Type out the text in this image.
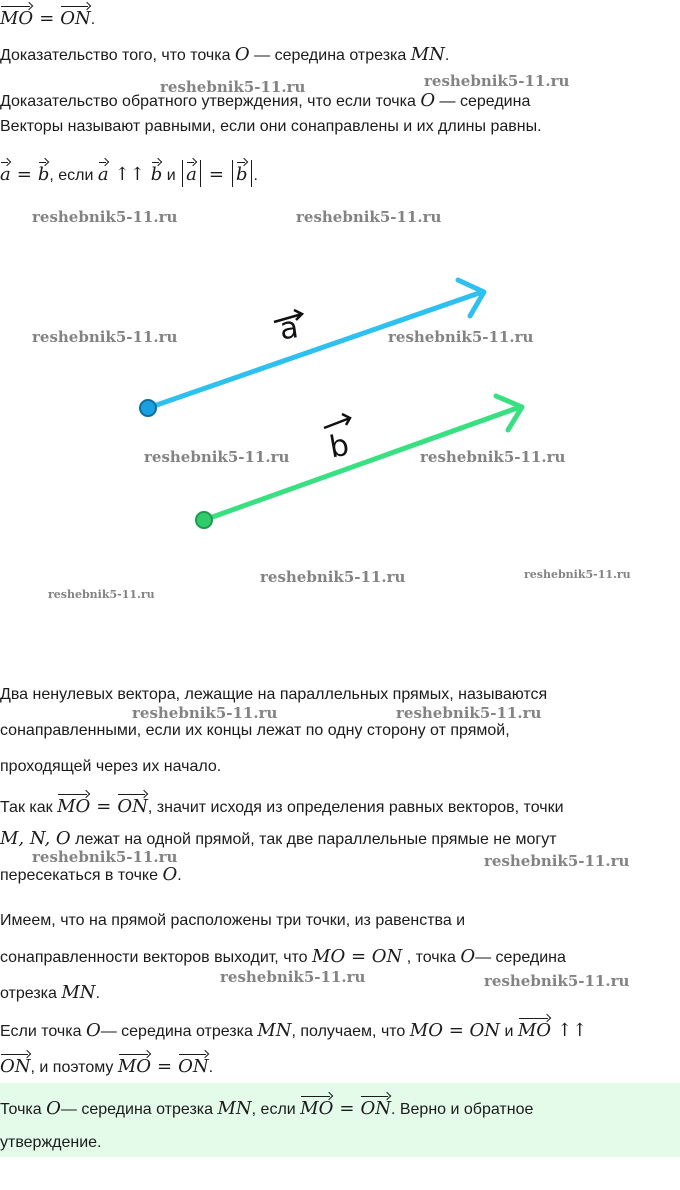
MO = ON.
Доказательство того, что точка O — середина отрезка MN.
Доказательство обратного утверждения, что если точка O — середина
Векторы называют равными, если они сонаправлены и их длины равны.
a = b, если a ↑↑ b и a = b .
a
b
Два ненулевых вектора, лежащие на параллельных прямых, называются
сонаправленными, если их концы лежат по одну сторону от прямой,
проходящей через их начало.
Так как MO = ON, значит исходя из определения равных векторов, точки
M, N, O лежат на одной прямой, так две параллельные прямые не могут
пересекаться в точке O.
Имеем, что на прямой расположены три точки, из равенства и
сонаправленности векторов выходит, что MO = ON , точка O— середина
отрезка MN.
Если точка O— середина отрезка MN, получаем, что MO = ON и MO ↑↑
ON, и поэтому MO = ON.
Точка O— середина отрезка MN, если MO = ON. Верно и обратное
утверждение.
reshebnik5-11.ru	reshebnik5-11.ru
reshebnik5-11.ru	reshebnik5-11.ru
reshebnik5-11.ru	reshebnik5-11.ru
reshebnik5-11.ru	reshebnik5-11.ru
reshebnik5-11.ru	reshebnik5-11.ru
reshebnik5-11.ru
reshebnik5-11.ru	reshebnik5-11.ru
reshebnik5-11.ru	reshebnik5-11.ru
reshebnik5-11.ru	reshebnik5-11.ru
